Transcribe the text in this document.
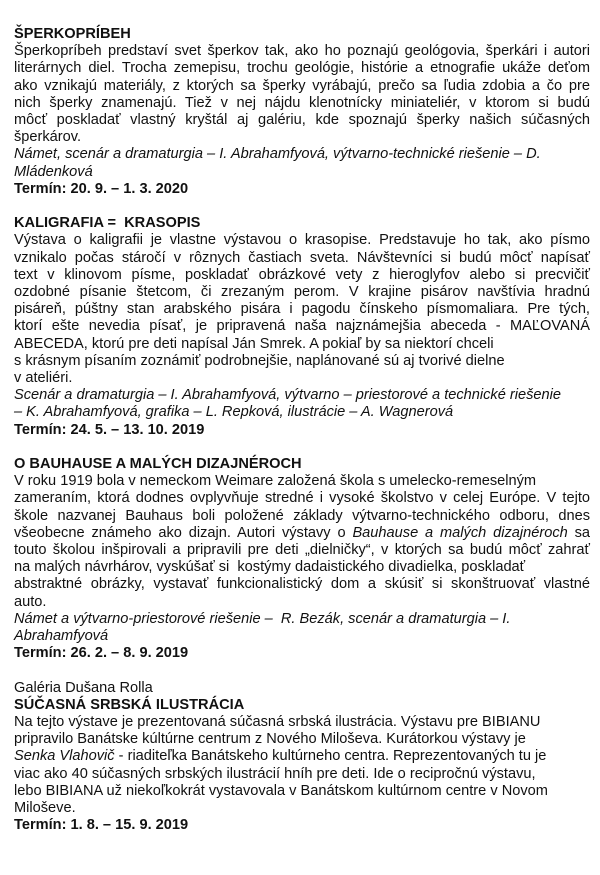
ŠPERKOPRÍBEH

Šperkopríbeh predstaví svet šperkov tak, ako ho poznajú geológovia, šperkári i autori
literárnych diel. Trocha zemepisu, trochu geológie, histórie a etnografie ukáže deťom
ako vznikajú materiály, z ktorých sa šperky vyrábajú, prečo sa ľudia zdobia a čo pre
nich šperky znamenajú. Tiež v nej nájdu klenotnícky miniateliér, v ktorom si budú
môcť poskladať vlastný kryštál aj galériu, kde spoznajú šperky našich súčasných
šperkárov.
Námet, scenár a dramaturgia – I. Abrahamfyová, výtvarno-technické riešenie – D.
Mládenková

Termín: 20. 9. – 1. 3. 2020

KALIGRAFIA =  KRASOPIS

Výstava o kaligrafii je vlastne výstavou o krasopise. Predstavuje ho tak, ako písmo
vznikalo počas stáročí v rôznych častiach sveta. Návštevníci si budú môcť napísať
text v klinovom písme, poskladať obrázkové vety z hieroglyfov alebo si precvičiť
ozdobné písanie štetcom, či zrezaným perom. V krajine pisárov navštívia hradnú
pisáreň, púštny stan arabského pisára i pagodu čínskeho písmomaliara. Pre tých,
ktorí ešte nevedia písať, je pripravená naša najznámejšia abeceda - MAĽOVANÁ
ABECEDA, ktorú pre deti napísal Ján Smrek. A pokiaľ by sa niektorí chceli
s krásnym písaním zoznámiť podrobnejšie, naplánované sú aj tvorivé dielne
v ateliéri.
Scenár a dramaturgia – I. Abrahamfyová, výtvarno – priestorové a technické riešenie
– K. Abrahamfyová, grafika – L. Repková, ilustrácie – A. Wagnerová

Termín: 24. 5. – 13. 10. 2019

O BAUHAUSE A MALÝCH DIZAJNÉROCH

V roku 1919 bola v nemeckom Weimare založená škola s umelecko-remeselným
zameraním, ktorá dodnes ovplyvňuje stredné i vysoké školstvo v celej Európe. V tejto
škole nazvanej Bauhaus boli položené základy výtvarno-technického odboru, dnes
všeobecne známeho ako dizajn. Autori výstavy o Bauhause a malých dizajnéroch sa
touto školou inšpirovali a pripravili pre deti „dielničky“, v ktorých sa budú môcť zahrať
na malých návrhárov, vyskúšať si  kostýmy dadaistického divadielka, poskladať
abstraktné obrázky, vystavať funkcionalistický dom a skúsiť si skonštruovať vlastné
auto.
Námet a výtvarno-priestorové riešenie –  R. Bezák, scenár a dramaturgia – I.
Abrahamfyová

Termín: 26. 2. – 8. 9. 2019

Galéria Dušana Rolla

SÚČASNÁ SRBSKÁ ILUSTRÁCIA

Na tejto výstave je prezentovaná súčasná srbská ilustrácia. Výstavu pre BIBIANU
pripravilo Banátske kúltúrne centrum z Nového Miloševa. Kurátorkou výstavy je
Senka Vlahovič - riaditeľka Banátskeho kultúrneho centra. Reprezentovaných tu je
viac ako 40 súčasných srbských ilustrácií hníh pre deti. Ide o recipročnú výstavu,
lebo BIBIANA už niekoľkokrát vystavovala v Banátskom kultúrnom centre v Novom
Miloševe.

Termín: 1. 8. – 15. 9. 2019
